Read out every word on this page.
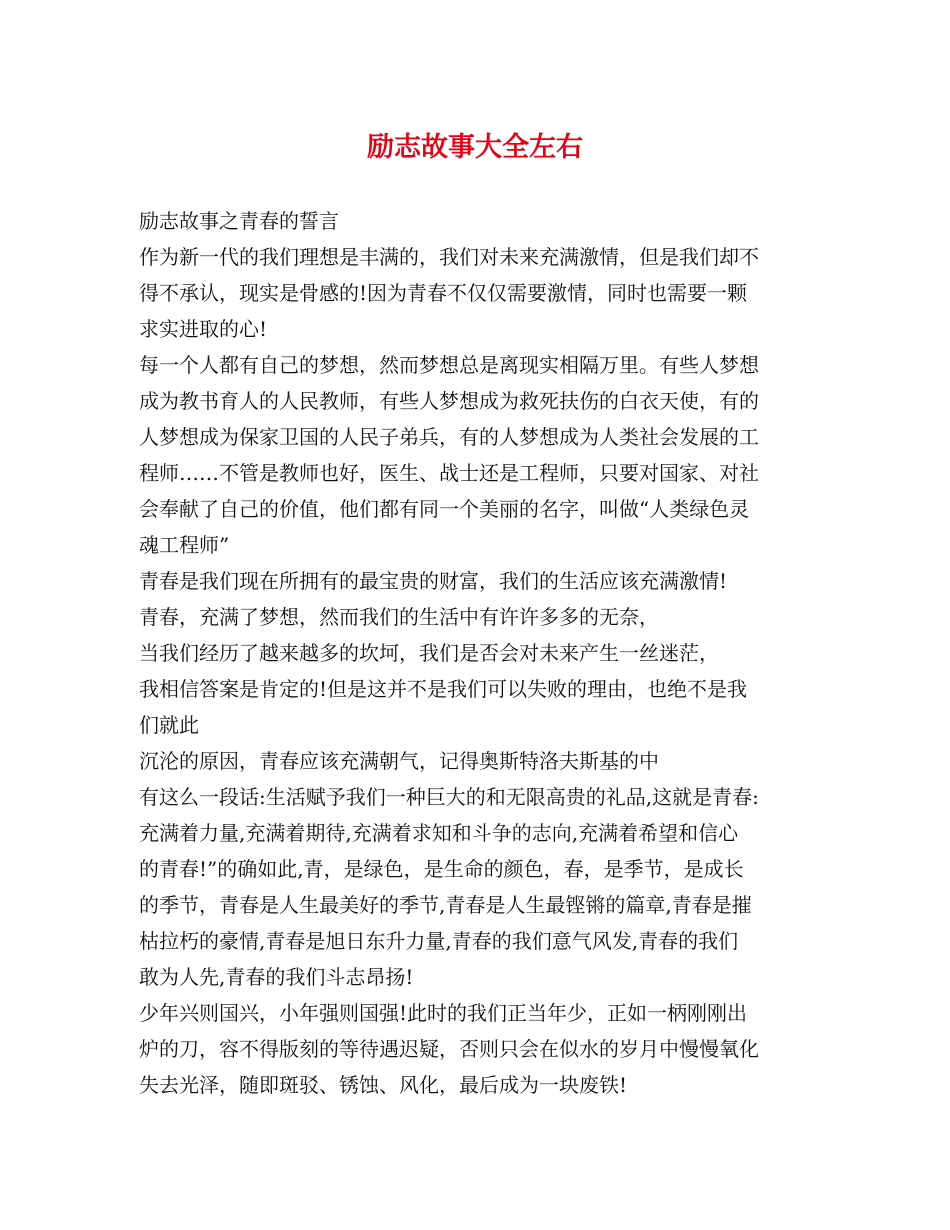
励志故事大全左右
励志故事之青春的誓言
作为新一代的我们理想是丰满的，我们对未来充满激情，但是我们却不
得不承认，现实是骨感的!因为青春不仅仅需要激情，同时也需要一颗
求实进取的心!
每一个人都有自己的梦想，然而梦想总是离现实相隔万里。有些人梦想
成为教书育人的人民教师，有些人梦想成为救死扶伤的白衣天使，有的
人梦想成为保家卫国的人民子弟兵，有的人梦想成为人类社会发展的工
程师……不管是教师也好，医生、战士还是工程师，只要对国家、对社
会奉献了自己的价值，他们都有同一个美丽的名字，叫做“人类绿色灵
魂工程师”
青春是我们现在所拥有的最宝贵的财富，我们的生活应该充满激情!
青春，充满了梦想，然而我们的生活中有许许多多的无奈，
当我们经历了越来越多的坎坷，我们是否会对未来产生一丝迷茫，
我相信答案是肯定的!但是这并不是我们可以失败的理由，也绝不是我
们就此
沉沦的原因，青春应该充满朝气，记得奥斯特洛夫斯基的中
有这么一段话:生活赋予我们一种巨大的和无限高贵的礼品,这就是青春:
充满着力量,充满着期待,充满着求知和斗争的志向,充满着希望和信心
的青春!”的确如此,青，是绿色，是生命的颜色，春，是季节，是成长
的季节，青春是人生最美好的季节,青春是人生最铿锵的篇章,青春是摧
枯拉朽的豪情,青春是旭日东升力量,青春的我们意气风发,青春的我们
敢为人先,青春的我们斗志昂扬!
少年兴则国兴，小年强则国强!此时的我们正当年少，正如一柄刚刚出
炉的刀，容不得版刻的等待遇迟疑，否则只会在似水的岁月中慢慢氧化
失去光泽，随即斑驳、锈蚀、风化，最后成为一块废铁!
